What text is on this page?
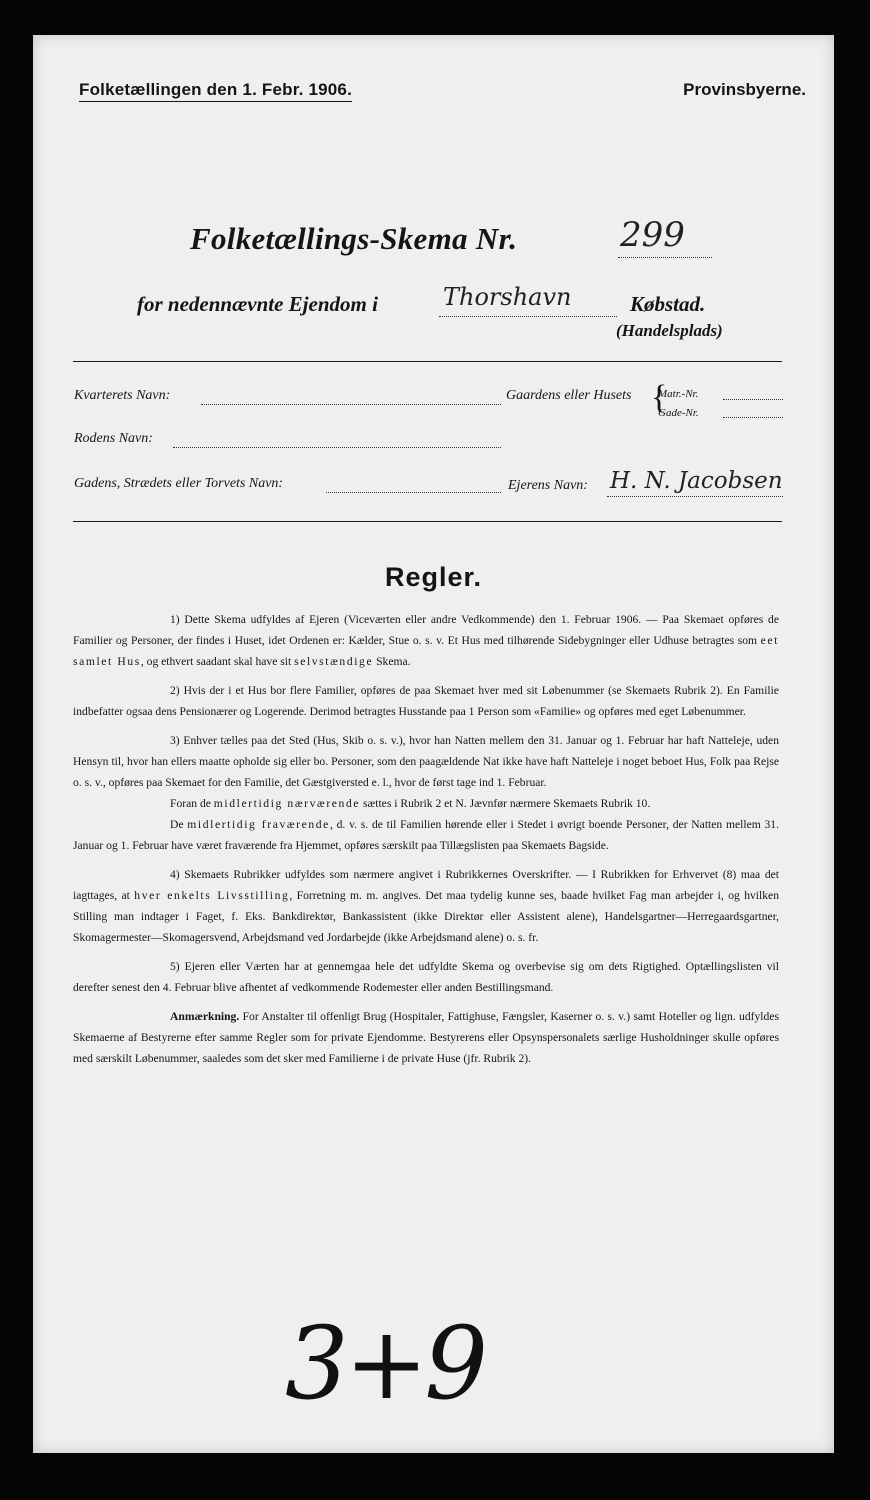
Folketællingen den 1. Febr. 1906.	Provinsbyerne.
Folketællings-Skema Nr.	299
for nedennævnte Ejendom i	Thorshavn	Købstad.
(Handelsplads)
Kvarterets Navn:	Gaardens eller Husets {
Matr.-Nr.
Gade-Nr.
Rodens Navn:
Gadens, Strædets eller Torvets Navn:	Ejerens Navn: H. N. Jacobsen
Regler.

1) Dette Skema udfyldes af Ejeren (Viceværten eller andre Vedkommende) den 1. Februar 1906. — Paa Skemaet opføres de Familier og Personer, der findes i Huset, idet Ordenen er: Kælder, Stue o. s. v. Et Hus med tilhørende Sidebygninger eller Udhuse betragtes som eet samlet Hus, og ethvert saadant skal have sit selvstændige Skema.

2) Hvis der i et Hus bor flere Familier, opføres de paa Skemaet hver med sit Løbenummer (se Skemaets Rubrik 2). En Familie indbefatter ogsaa dens Pensionærer og Logerende. Derimod betragtes Husstande paa 1 Person som «Familie» og opføres med eget Løbenummer.

3) Enhver tælles paa det Sted (Hus, Skib o. s. v.), hvor han Natten mellem den 31. Januar og 1. Februar har haft Natteleje, uden Hensyn til, hvor han ellers maatte opholde sig eller bo. Personer, som den paagældende Nat ikke have haft Natteleje i noget beboet Hus, Folk paa Rejse o. s. v., opføres paa Skemaet for den Familie, det Gæstgiversted e. l., hvor de først tage ind 1. Februar.

Foran de midlertidig nærværende sættes i Rubrik 2 et N. Jævnfør nærmere Skemaets Rubrik 10.

De midlertidig fraværende, d. v. s. de til Familien hørende eller i Stedet i øvrigt boende Personer, der Natten mellem 31. Januar og 1. Februar have været fraværende fra Hjemmet, opføres særskilt paa Tillægslisten paa Skemaets Bagside.

4) Skemaets Rubrikker udfyldes som nærmere angivet i Rubrikkernes Overskrifter. — I Rubrikken for Erhvervet (8) maa det iagttages, at hver enkelts Livsstilling, Forretning m. m. angives. Det maa tydelig kunne ses, baade hvilket Fag man arbejder i, og hvilken Stilling man indtager i Faget, f. Eks. Bankdirektør, Bankassistent (ikke Direktør eller Assistent alene), Handelsgartner—Herregaardsgartner, Skomagermester—Skomagersvend, Arbejdsmand ved Jordarbejde (ikke Arbejdsmand alene) o. s. fr.

5) Ejeren eller Værten har at gennemgaa hele det udfyldte Skema og overbevise sig om dets Rigtighed. Optællingslisten vil derefter senest den 4. Februar blive afhentet af vedkommende Rodemester eller anden Bestillingsmand.

Anmærkning. For Anstalter til offenligt Brug (Hospitaler, Fattighuse, Fængsler, Kaserner o. s. v.) samt Hoteller og lign. udfyldes Skemaerne af Bestyrerne efter samme Regler som for private Ejendomme. Bestyrerens eller Opsynspersonalets særlige Husholdninger skulle opføres med særskilt Løbenummer, saaledes som det sker med Familierne i de private Huse (jfr. Rubrik 2).

3+9
